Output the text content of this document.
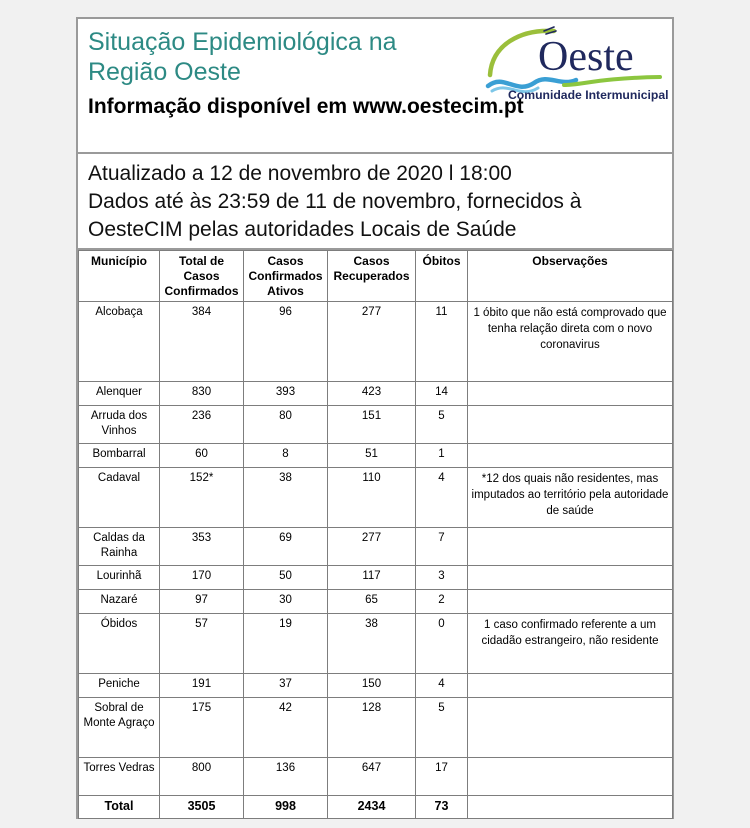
Situação Epidemiológica na
Região Oeste
Informação disponível em www.oestecim.pt
Oeste
Comunidade Intermunicipal
Atualizado a 12 de novembro de 2020 l 18:00
Dados até às 23:59 de 11 de novembro, fornecidos à
OesteCIM pelas autoridades Locais de Saúde
Município	Total de Casos Confirmados	Casos Confirmados Ativos	Casos Recuperados	Óbitos	Observações
Alcobaça	384	96	277	11	1 óbito que não está comprovado que tenha relação direta com o novo coronavirus
Alenquer	830	393	423	14	
Arruda dos Vinhos	236	80	151	5	
Bombarral	60	8	51	1	
Cadaval	152*	38	110	4	*12 dos quais não residentes, mas imputados ao território pela autoridade de saúde
Caldas da Rainha	353	69	277	7	
Lourinhã	170	50	117	3	
Nazaré	97	30	65	2	
Óbidos	57	19	38	0	1 caso confirmado referente a um cidadão estrangeiro, não residente
Peniche	191	37	150	4	
Sobral de Monte Agraço	175	42	128	5	
Torres Vedras	800	136	647	17	
Total	3505	998	2434	73	
